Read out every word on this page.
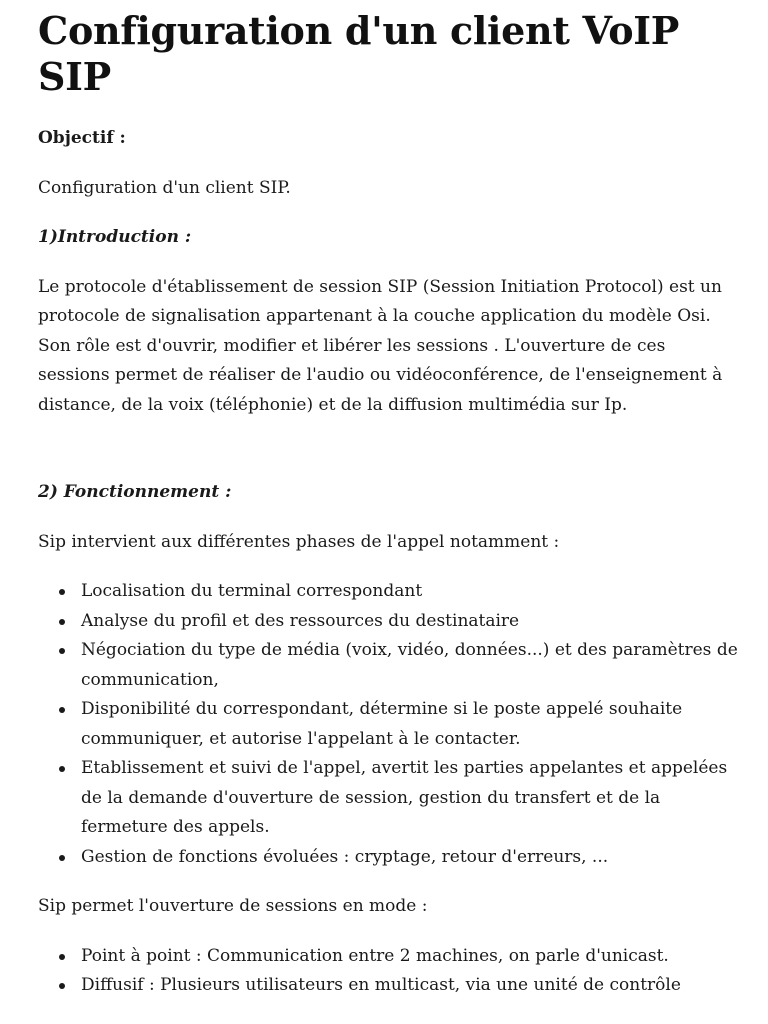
Configuration d'un client VoIP SIP

Objectif :

Configuration d'un client SIP.

1)Introduction :

Le protocole d'établissement de session SIP (Session Initiation Protocol) est un protocole de signalisation appartenant à la couche application du modèle Osi. Son rôle est d'ouvrir, modifier et libérer les sessions . L'ouverture de ces sessions permet de réaliser de l'audio ou vidéoconférence, de l'enseignement à distance, de la voix (téléphonie) et de la diffusion multimédia sur Ip.

2) Fonctionnement :

Sip intervient aux différentes phases de l'appel notamment :

Localisation du terminal correspondant
Analyse du profil et des ressources du destinataire
Négociation du type de média (voix, vidéo, données...) et des paramètres de communication,
Disponibilité du correspondant, détermine si le poste appelé souhaite communiquer, et autorise l'appelant à le contacter.
Etablissement et suivi de l'appel, avertit les parties appelantes et appelées de la demande d'ouverture de session, gestion du transfert et de la fermeture des appels.
Gestion de fonctions évoluées : cryptage, retour d'erreurs, ...

Sip permet l'ouverture de sessions en mode :

Point à point : Communication entre 2 machines, on parle d'unicast.
Diffusif : Plusieurs utilisateurs en multicast, via une unité de contrôle
